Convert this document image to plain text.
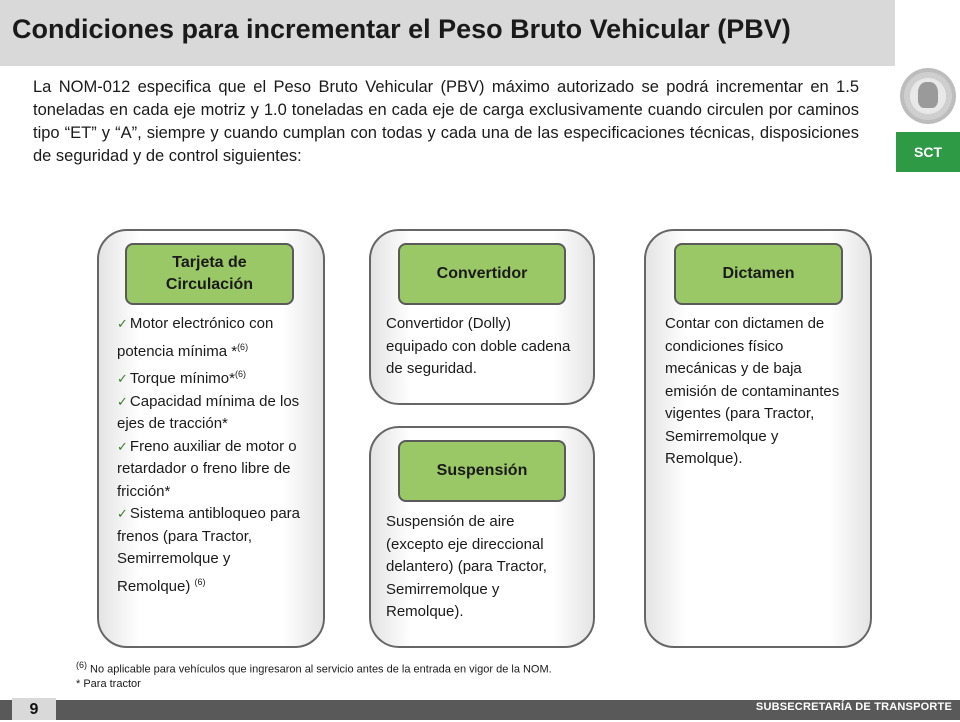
Condiciones para incrementar el Peso Bruto Vehicular (PBV)
SCT
La NOM-012 especifica que el Peso Bruto Vehicular (PBV) máximo autorizado se podrá incrementar en 1.5 toneladas en cada eje motriz y 1.0 toneladas en cada eje de carga exclusivamente cuando circulen por caminos tipo “ET” y “A”, siempre y cuando cumplan con todas y cada una de las especificaciones técnicas, disposiciones de seguridad y de control siguientes:
Tarjeta de
Circulación
✓ Motor electrónico con potencia mínima *$^{(6)}$
✓ Torque mínimo*$^{(6)}$
✓ Capacidad mínima de los ejes de tracción*
✓ Freno auxiliar de motor o retardador o freno libre de fricción*
✓ Sistema antibloqueo para frenos (para Tractor, Semirremolque y Remolque) $^{(6)}$
Convertidor
Convertidor (Dolly) equipado con doble cadena de seguridad.
Suspensión
Suspensión de aire (excepto eje direccional delantero) (para Tractor, Semirremolque y Remolque).
Dictamen
Contar con dictamen de condiciones físico mecánicas y de baja emisión de contaminantes vigentes (para Tractor, Semirremolque y Remolque).
$^{(6)}$ No aplicable para vehículos que ingresaron al servicio antes de la entrada en vigor de la NOM.
* Para tractor
9	SUBSECRETARÍA DE TRANSPORTE
